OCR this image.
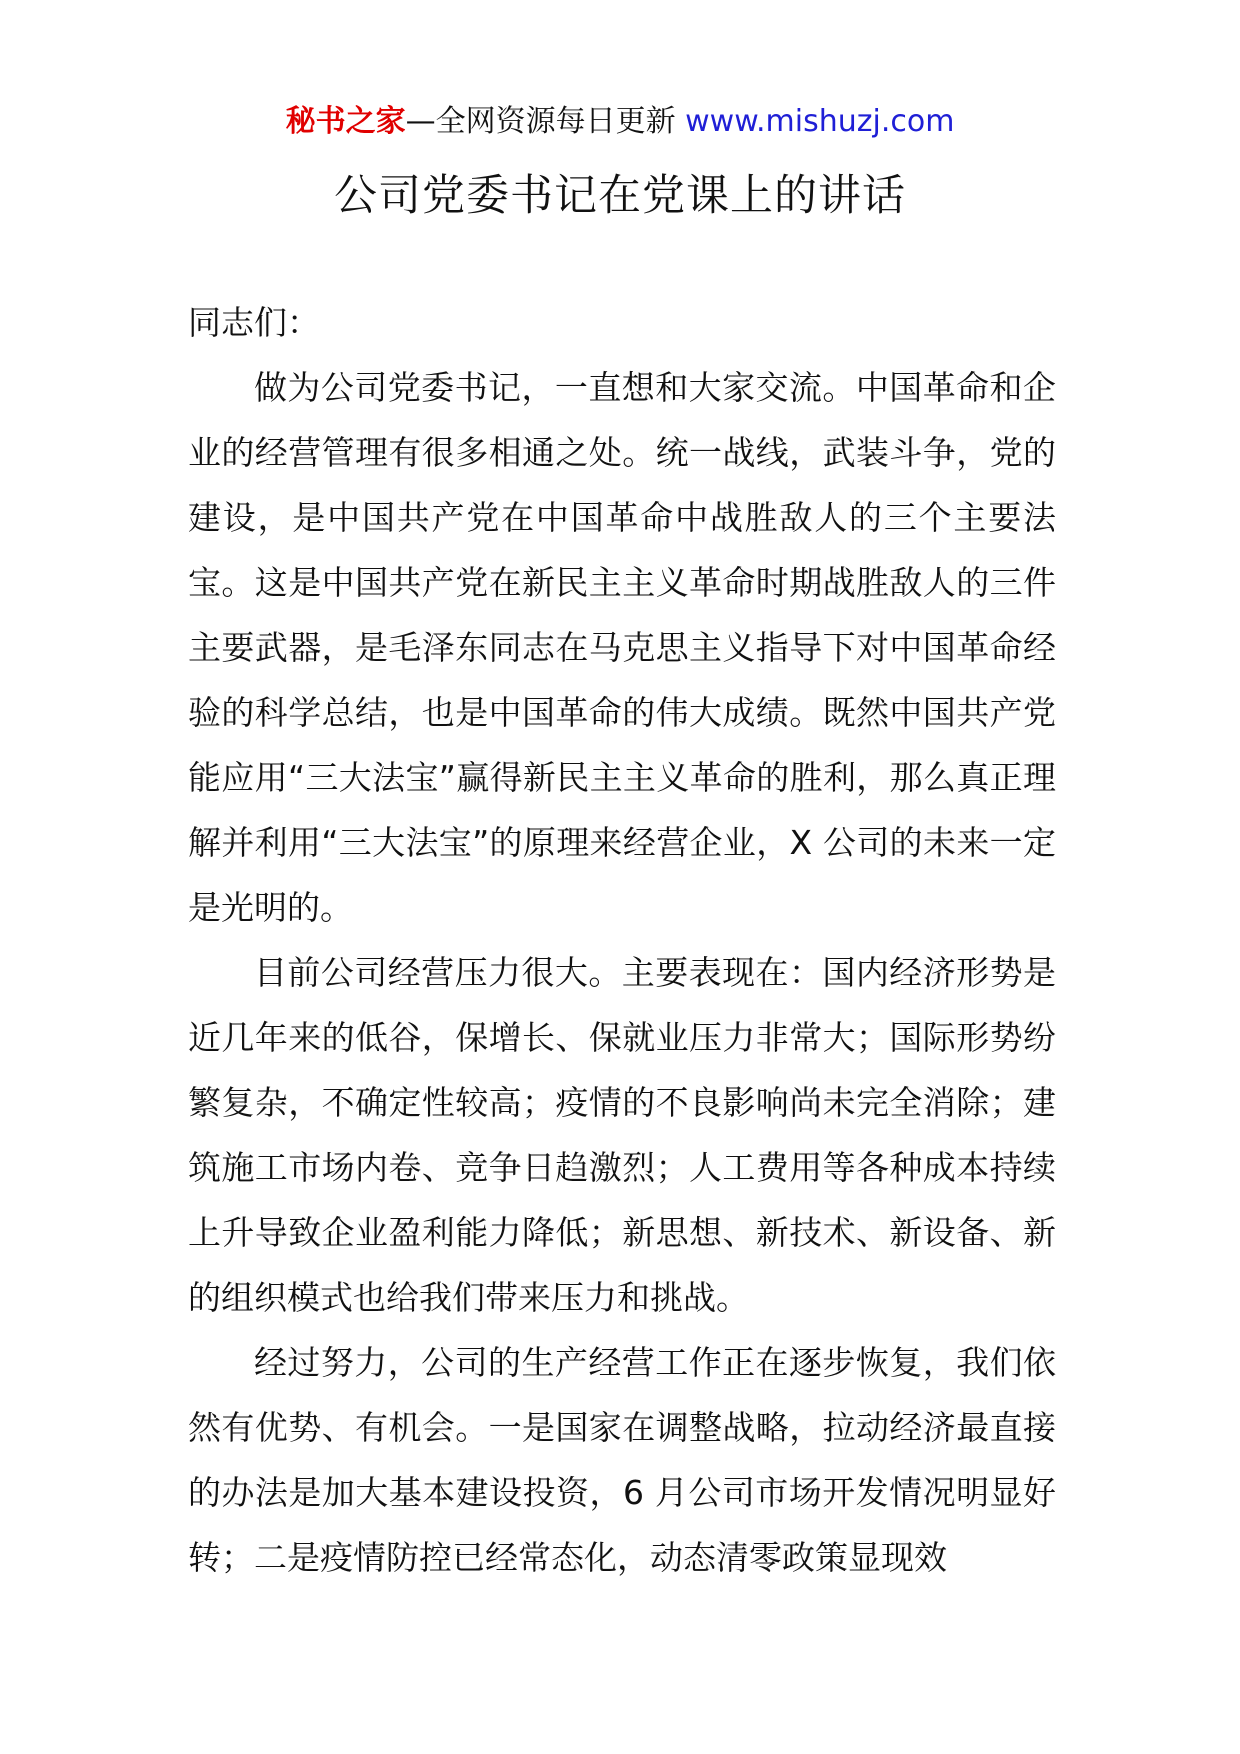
秘书之家—全网资源每日更新 www.mishuzj.com
公司党委书记在党课上的讲话

同志们：

做为公司党委书记，一直想和大家交流。中国革命和企业的经营管理有很多相通之处。统一战线，武装斗争，党的建设，是中国共产党在中国革命中战胜敌人的三个主要法宝。这是中国共产党在新民主主义革命时期战胜敌人的三件主要武器，是毛泽东同志在马克思主义指导下对中国革命经验的科学总结，也是中国革命的伟大成绩。既然中国共产党能应用“三大法宝”赢得新民主主义革命的胜利，那么真正理解并利用“三大法宝”的原理来经营企业，X 公司的未来一定是光明的。

目前公司经营压力很大。主要表现在：国内经济形势是近几年来的低谷，保增长、保就业压力非常大；国际形势纷繁复杂，不确定性较高；疫情的不良影响尚未完全消除；建筑施工市场内卷、竞争日趋激烈；人工费用等各种成本持续上升导致企业盈利能力降低；新思想、新技术、新设备、新的组织模式也给我们带来压力和挑战。

经过努力，公司的生产经营工作正在逐步恢复，我们依然有优势、有机会。一是国家在调整战略，拉动经济最直接的办法是加大基本建设投资，6 月公司市场开发情况明显好转；二是疫情防控已经常态化，动态清零政策显现效
